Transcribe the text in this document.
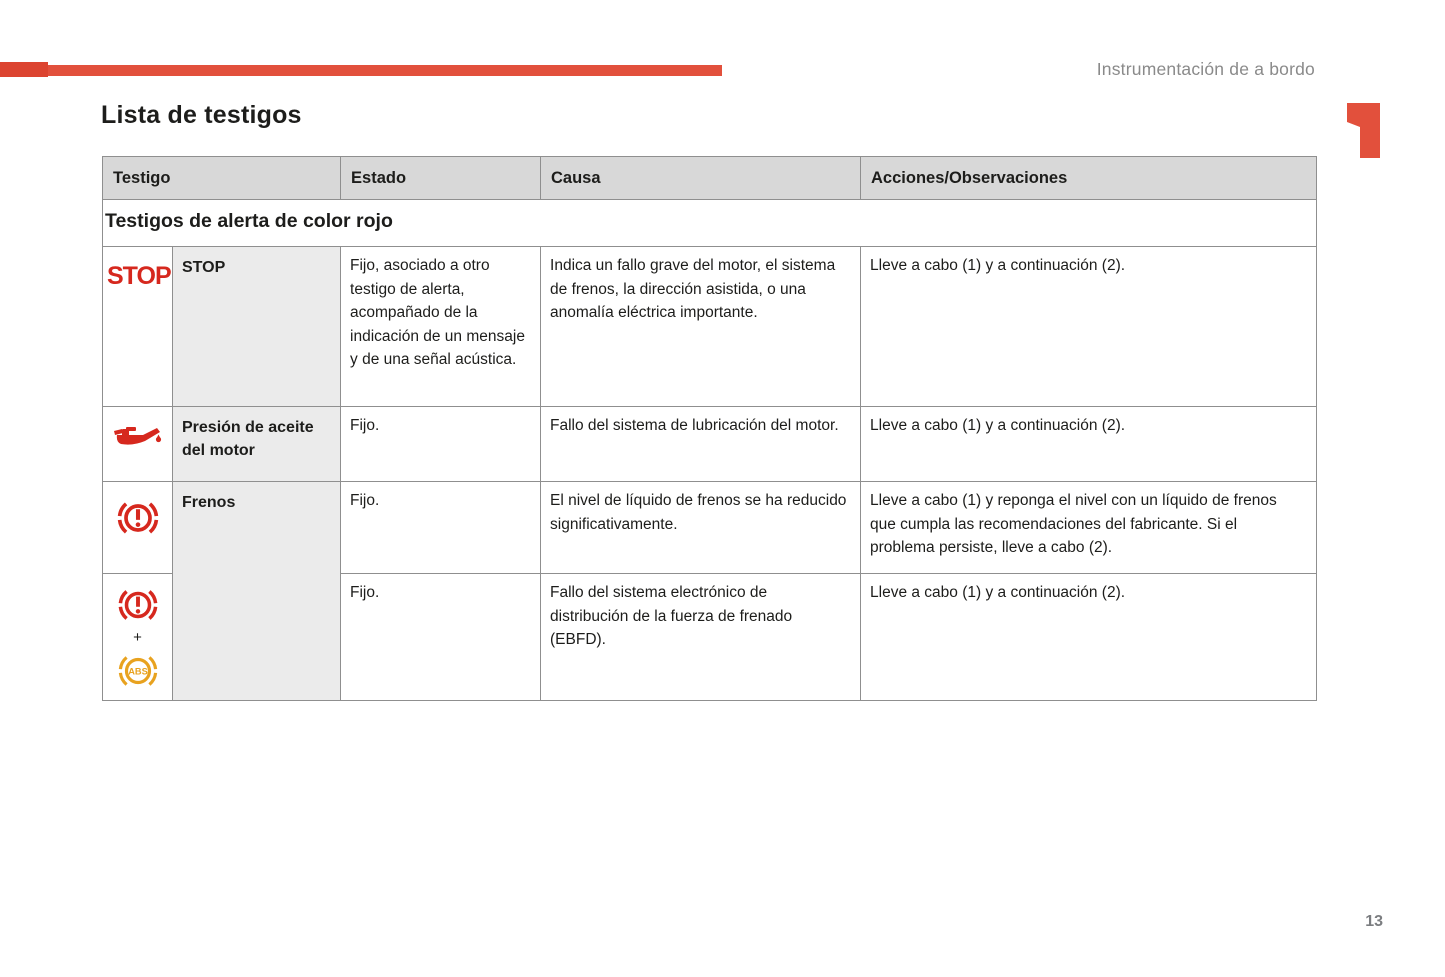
Instrumentación de a bordo
Lista de testigos
Testigo		Estado	Causa	Acciones/Observaciones
Testigos de alerta de color rojo				

STOP	STOP	Fijo, asociado a otro testigo de alerta, acompañado de la indicación de un mensaje y de una señal acústica.	Indica un fallo grave del motor, el sistema de frenos, la dirección asistida, o una anomalía eléctrica importante.	Lleve a cabo (1) y a continuación (2).

	Presión de aceite del motor	Fijo.	Fallo del sistema de lubricación del motor.	Lleve a cabo (1) y a continuación (2).

	Frenos	Fijo.	El nivel de líquido de frenos se ha reducido significativamente.	Lleve a cabo (1) y reponga el nivel con un líquido de frenos que cumpla las recomendaciones del fabricante. Si el problema persiste, lleve a cabo (2).

+
ABS		Fijo.	Fallo del sistema electrónico de distribución de la fuerza de frenado (EBFD).	Lleve a cabo (1) y a continuación (2).
13
